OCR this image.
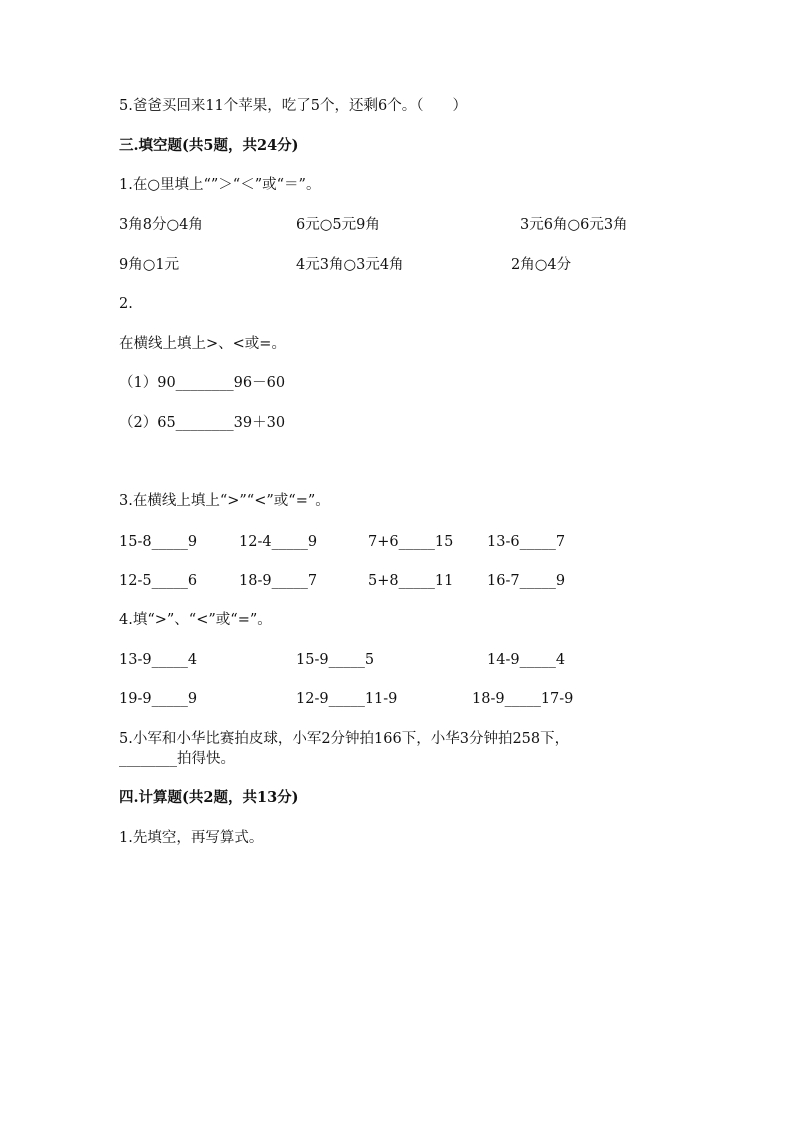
5.爸爸买回来11个苹果，吃了5个，还剩6个。（　　）
三.填空题(共5题，共24分)
1.在○里填上“”＞“＜”或“＝”。
3角8分○4角	6元○5元9角	3元6角○6元3角
9角○1元	4元3角○3元4角	2角○4分
2.
在横线上填上>、<或=。
（1）90________96－60
（2）65________39＋30
3.在横线上填上“>”“<”或“=”。
15-8_____9	12-4_____9	7+6_____15 13-6_____7
12-5_____6	18-9_____7	5+8_____11 16-7_____9
4.填“>”、“<”或“=”。
13-9_____4	15-9_____5	14-9_____4
19-9_____9	12-9_____11-9	18-9_____17-9
5.小军和小华比赛拍皮球，小军2分钟拍166下，小华3分钟拍258下，
________拍得快。
四.计算题(共2题，共13分)
1.先填空，再写算式。
